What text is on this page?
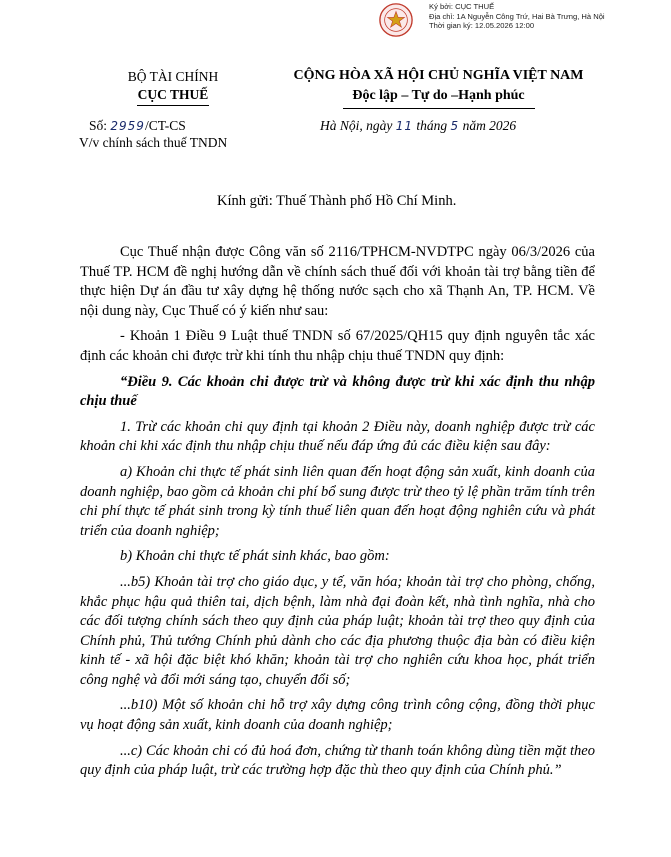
Ký bởi: CỤC THUẾ
Địa chỉ: 1A Nguyễn Công Trứ, Hai Bà Trưng, Hà Nội
Thời gian ký: 12.05.2026 12:00
BỘ TÀI CHÍNH
CỤC THUẾ
CỘNG HÒA XÃ HỘI CHỦ NGHĨA VIỆT NAM
Độc lập – Tự do –Hạnh phúc
Số: 2959/CT-CS
V/v chính sách thuế TNDN
Hà Nội, ngày 11 tháng 5 năm 2026
Kính gửi: Thuế Thành phố Hồ Chí Minh.

Cục Thuế nhận được Công văn số 2116/TPHCM-NVDTPC ngày 06/3/2026 của Thuế TP. HCM đề nghị hướng dẫn về chính sách thuế đối với khoản tài trợ bằng tiền để thực hiện Dự án đầu tư xây dựng hệ thống nước sạch cho xã Thạnh An, TP. HCM. Về nội dung này, Cục Thuế có ý kiến như sau:

- Khoản 1 Điều 9 Luật thuế TNDN số 67/2025/QH15 quy định nguyên tắc xác định các khoản chi được trừ khi tính thu nhập chịu thuế TNDN quy định:

“Điều 9. Các khoản chi được trừ và không được trừ khi xác định thu nhập chịu thuế

1. Trừ các khoản chi quy định tại khoản 2 Điều này, doanh nghiệp được trừ các khoản chi khi xác định thu nhập chịu thuế nếu đáp ứng đủ các điều kiện sau đây:

a) Khoản chi thực tế phát sinh liên quan đến hoạt động sản xuất, kinh doanh của doanh nghiệp, bao gồm cả khoản chi phí bổ sung được trừ theo tỷ lệ phần trăm tính trên chi phí thực tế phát sinh trong kỳ tính thuế liên quan đến hoạt động nghiên cứu và phát triển của doanh nghiệp;

b) Khoản chi thực tế phát sinh khác, bao gồm:

...b5) Khoản tài trợ cho giáo dục, y tế, văn hóa; khoản tài trợ cho phòng, chống, khắc phục hậu quả thiên tai, dịch bệnh, làm nhà đại đoàn kết, nhà tình nghĩa, nhà cho các đối tượng chính sách theo quy định của pháp luật; khoản tài trợ theo quy định của Chính phủ, Thủ tướng Chính phủ dành cho các địa phương thuộc địa bàn có điều kiện kinh tế - xã hội đặc biệt khó khăn; khoản tài trợ cho nghiên cứu khoa học, phát triển công nghệ và đổi mới sáng tạo, chuyển đổi số;

...b10) Một số khoản chi hỗ trợ xây dựng công trình công cộng, đồng thời phục vụ hoạt động sản xuất, kinh doanh của doanh nghiệp;

...c) Các khoản chi có đủ hoá đơn, chứng từ thanh toán không dùng tiền mặt theo quy định của pháp luật, trừ các trường hợp đặc thù theo quy định của Chính phủ.”
